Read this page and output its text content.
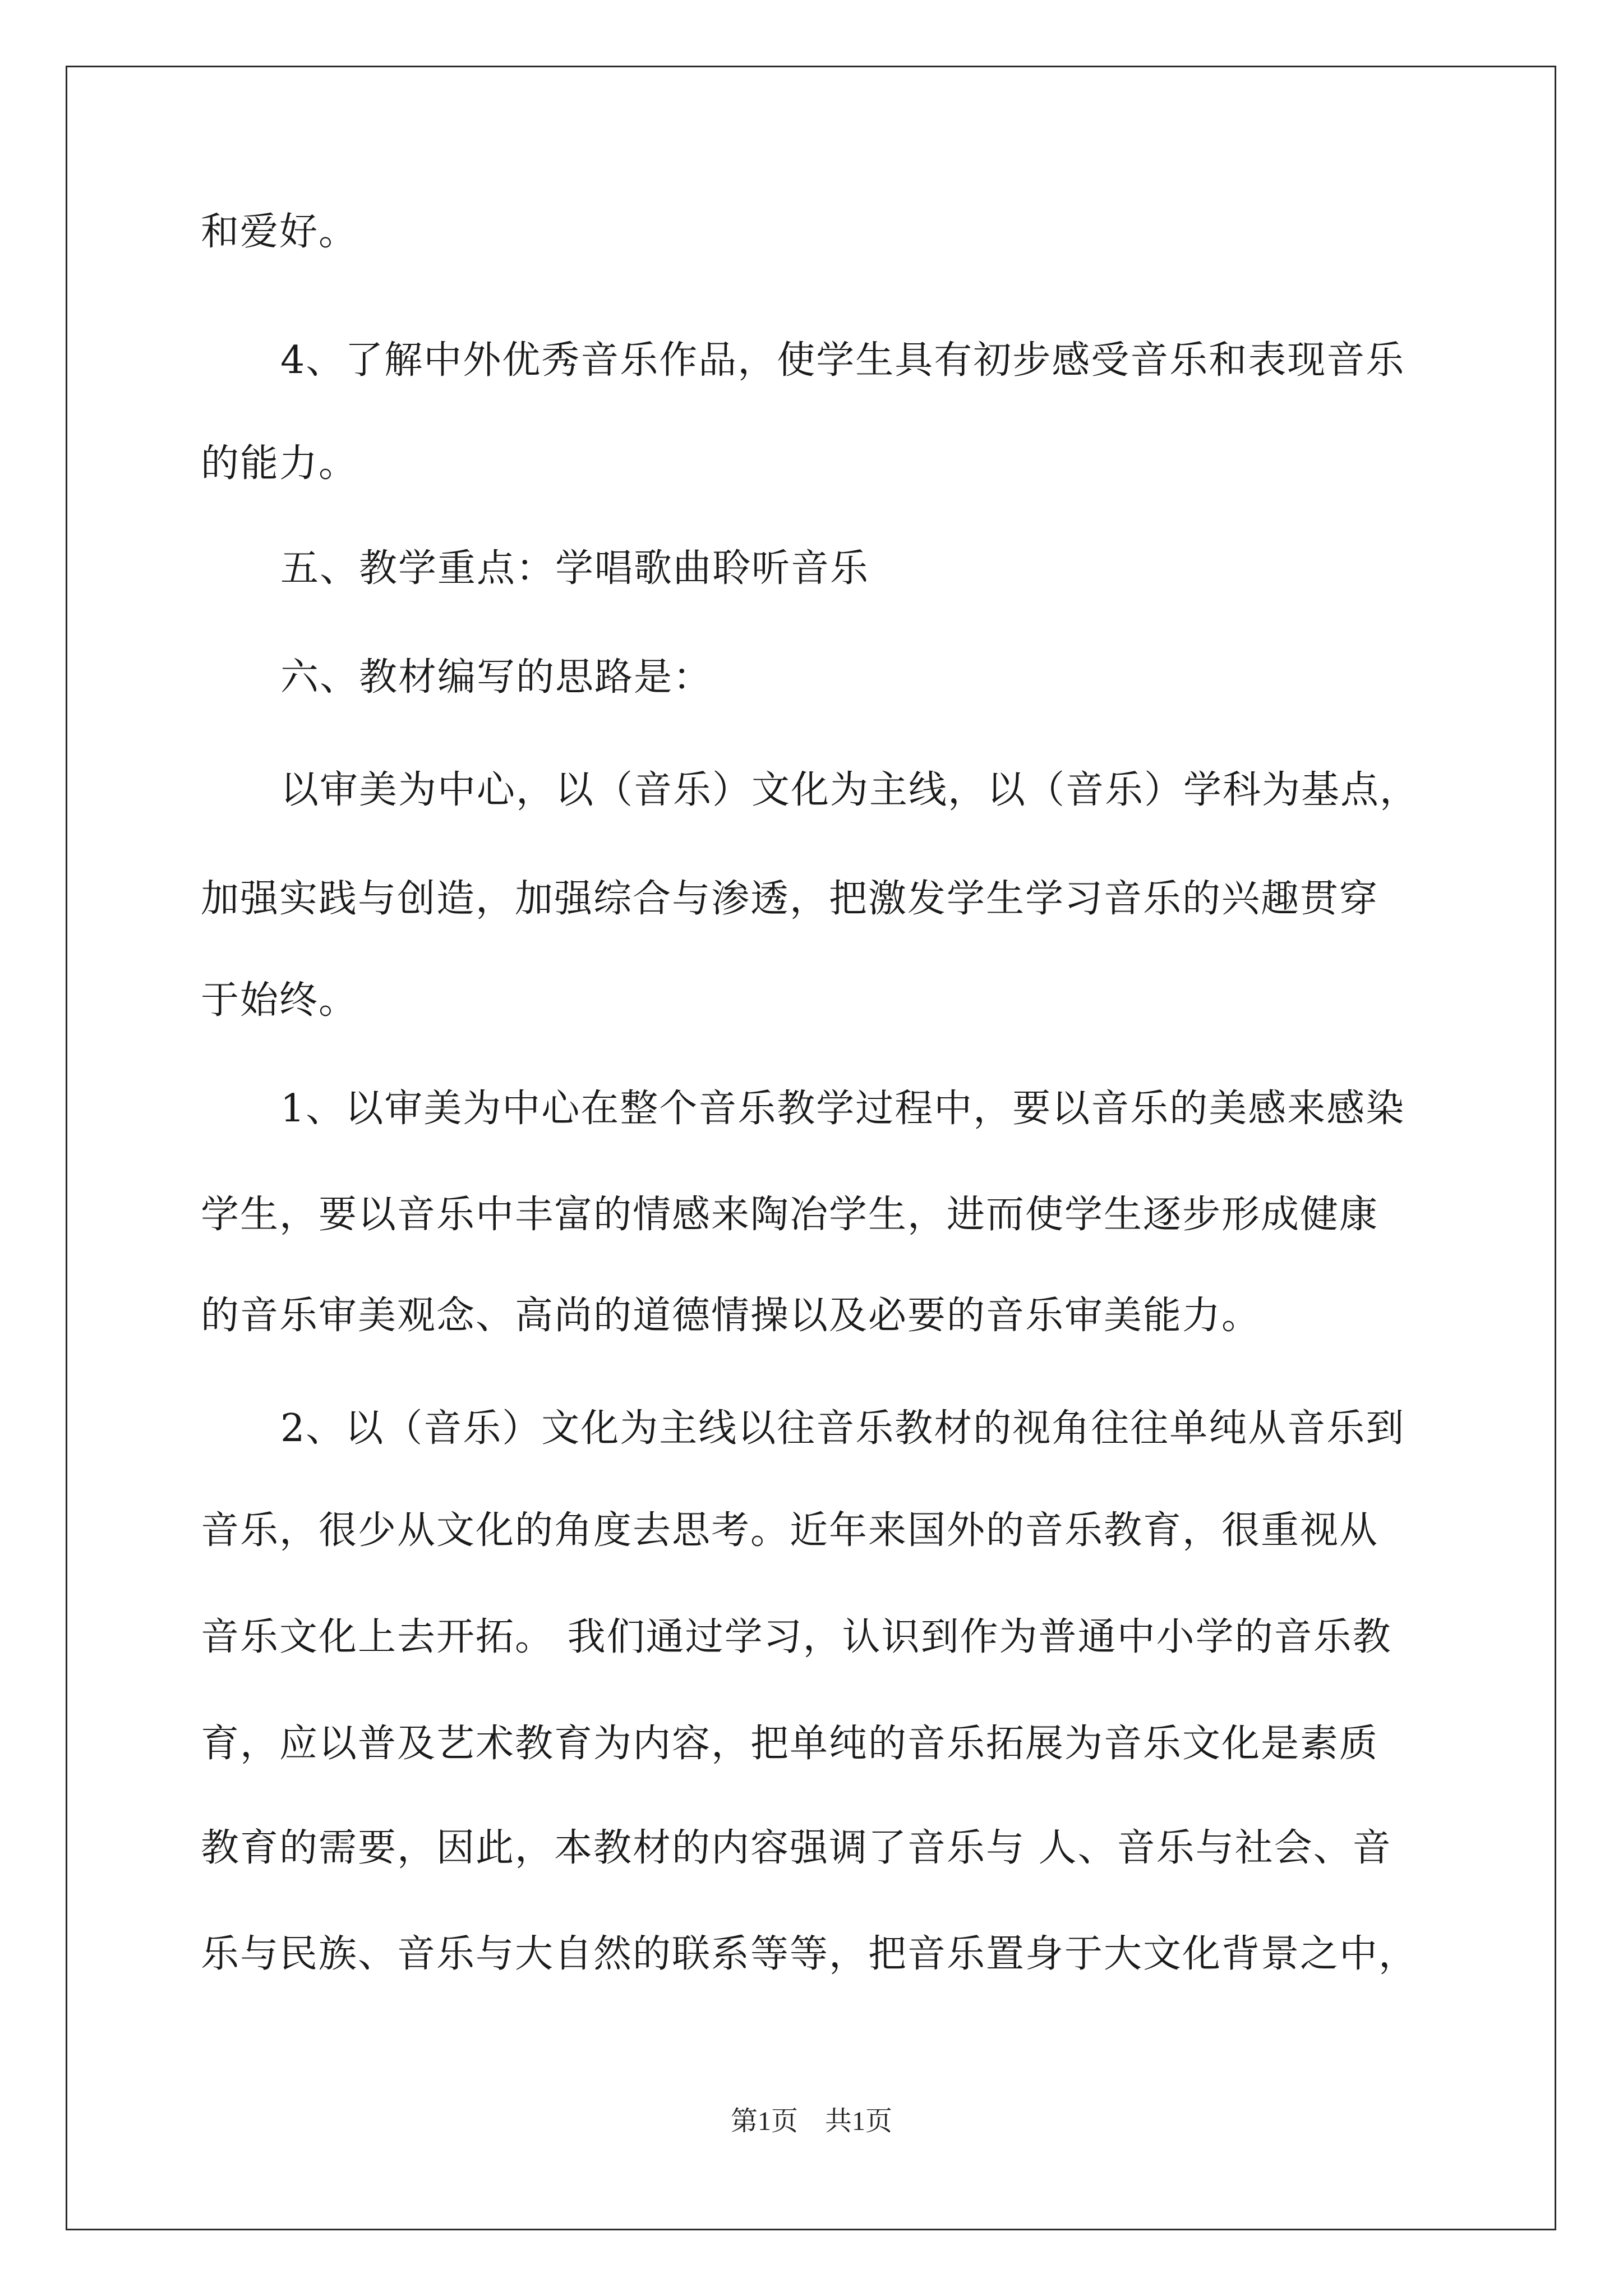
和爱好。
4、了解中外优秀音乐作品，使学生具有初步感受音乐和表现音乐
的能力。
五、教学重点：学唱歌曲聆听音乐
六、教材编写的思路是：
以审美为中心，以（音乐）文化为主线，以（音乐）学科为基点，
加强实践与创造，加强综合与渗透，把激发学生学习音乐的兴趣贯穿
于始终。
1、以审美为中心在整个音乐教学过程中，要以音乐的美感来感染
学生，要以音乐中丰富的情感来陶冶学生，进而使学生逐步形成健康
的音乐审美观念、高尚的道德情操以及必要的音乐审美能力。
2、以（音乐）文化为主线以往音乐教材的视角往往单纯从音乐到
音乐，很少从文化的角度去思考。近年来国外的音乐教育，很重视从
音乐文化上去开拓。 我们通过学习，认识到作为普通中小学的音乐教
育，应以普及艺术教育为内容，把单纯的音乐拓展为音乐文化是素质
教育的需要，因此，本教材的内容强调了音乐与 人、音乐与社会、音
乐与民族、音乐与大自然的联系等等，把音乐置身于大文化背景之中，
第1页　共1页
